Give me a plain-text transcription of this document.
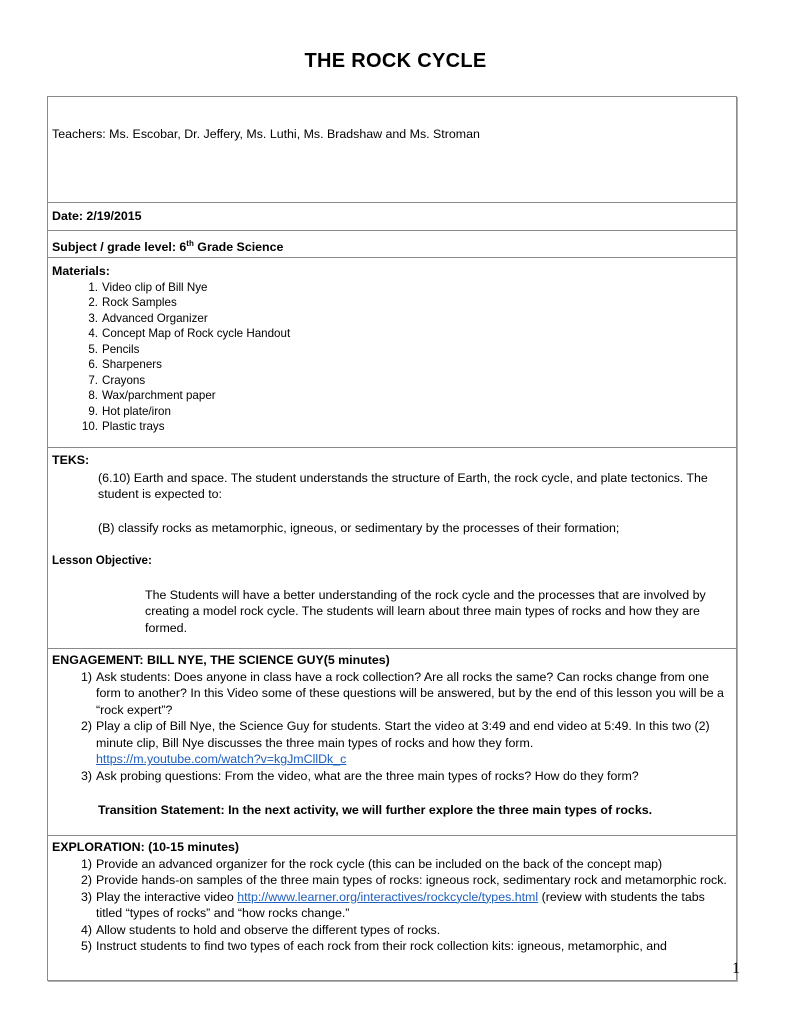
THE ROCK CYCLE
Teachers: Ms. Escobar, Dr. Jeffery, Ms. Luthi, Ms. Bradshaw and Ms. Stroman
Date: 2/19/2015
Subject / grade level: 6th Grade Science
Materials:
1. Video clip of Bill Nye
2. Rock Samples
3. Advanced Organizer
4. Concept Map of Rock cycle Handout
5. Pencils
6. Sharpeners
7. Crayons
8. Wax/parchment paper
9. Hot plate/iron
10. Plastic trays
TEKS:
(6.10) Earth and space. The student understands the structure of Earth, the rock cycle, and plate tectonics. The student is expected to:
(B) classify rocks as metamorphic, igneous, or sedimentary by the processes of their formation;
Lesson Objective:
The Students will have a better understanding of the rock cycle and the processes that are involved by creating a model rock cycle. The students will learn about three main types of rocks and how they are formed.
ENGAGEMENT: BILL NYE, THE SCIENCE GUY(5 minutes)
1) Ask students: Does anyone in class have a rock collection? Are all rocks the same? Can rocks change from one form to another? In this Video some of these questions will be answered, but by the end of this lesson you will be a “rock expert”?
2) Play a clip of Bill Nye, the Science Guy for students. Start the video at 3:49 and end video at 5:49. In this two (2) minute clip, Bill Nye discusses the three main types of rocks and how they form.
https://m.youtube.com/watch?v=kgJmCllDk_c
3) Ask probing questions: From the video, what are the three main types of rocks? How do they form?
Transition Statement: In the next activity, we will further explore the three main types of rocks.
EXPLORATION: (10-15 minutes)
1) Provide an advanced organizer for the rock cycle (this can be included on the back of the concept map)
2) Provide hands-on samples of the three main types of rocks: igneous rock, sedimentary rock and metamorphic rock.
3) Play the interactive video http://www.learner.org/interactives/rockcycle/types.html (review with students the tabs titled “types of rocks” and “how rocks change.”
4) Allow students to hold and observe the different types of rocks.
5) Instruct students to find two types of each rock from their rock collection kits: igneous, metamorphic, and
1
